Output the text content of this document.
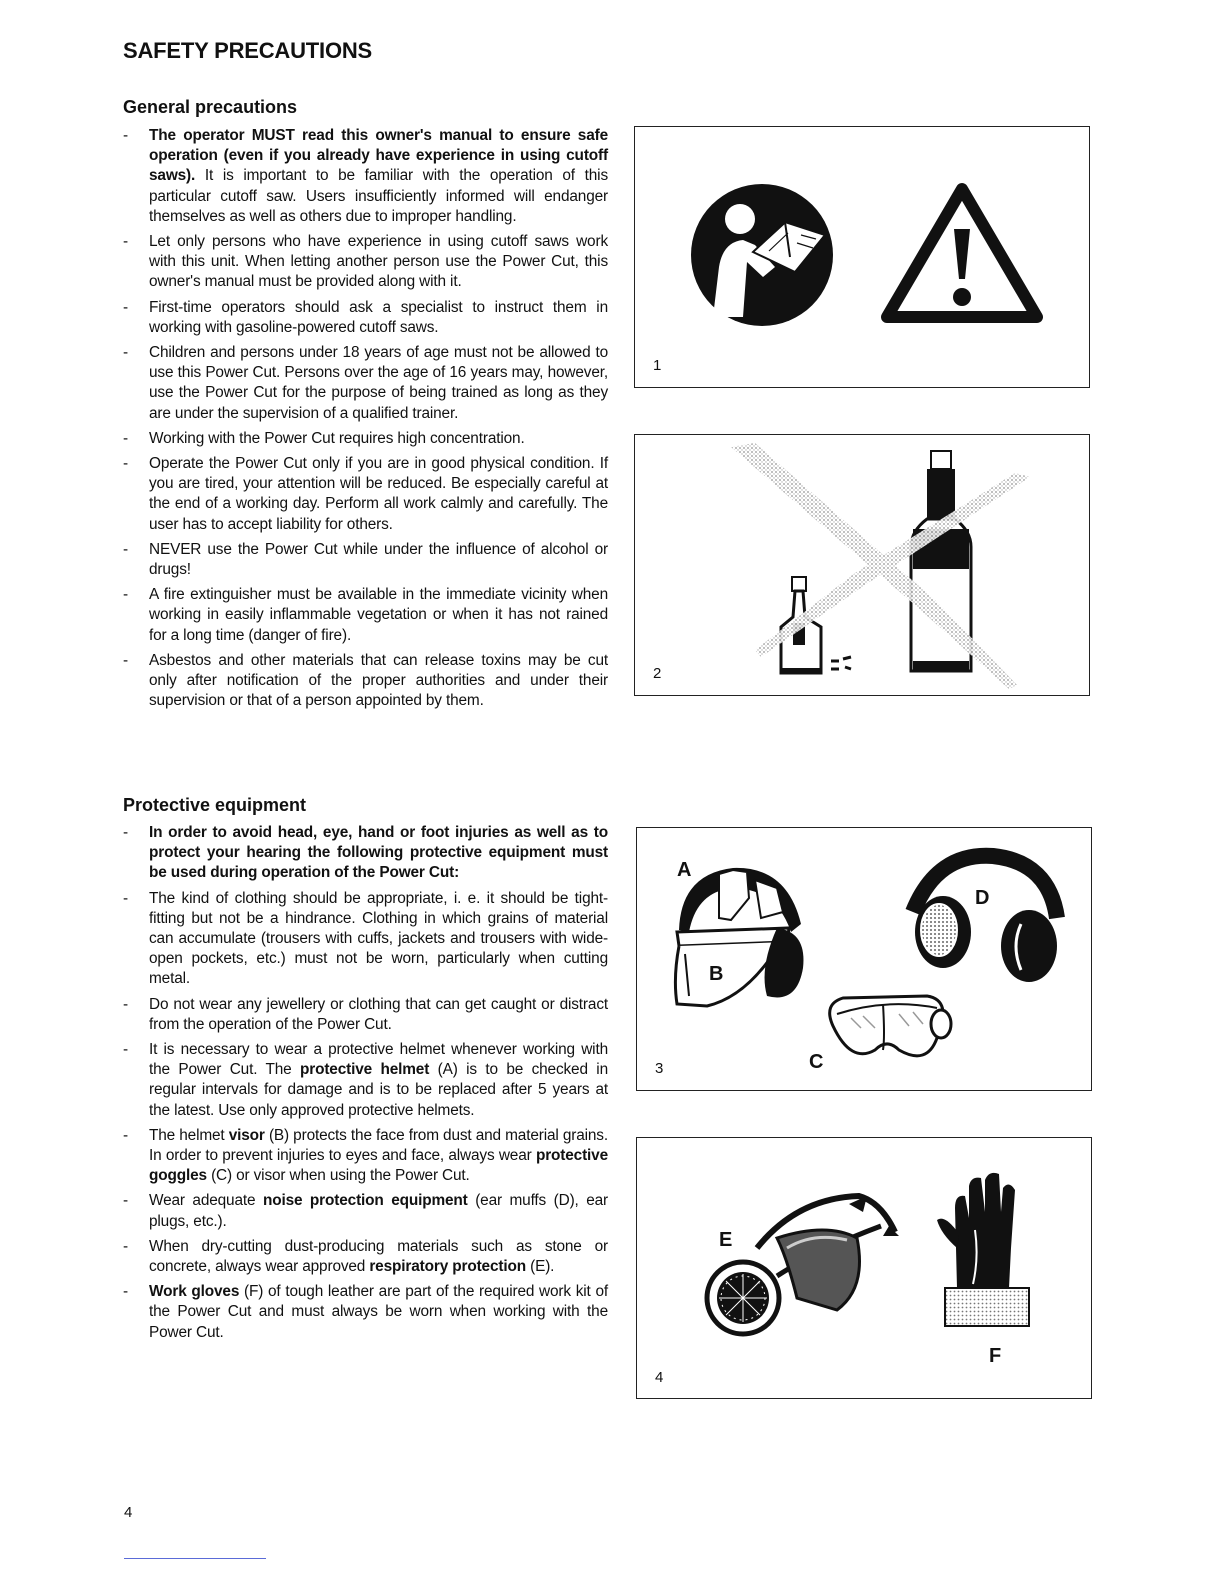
SAFETY PRECAUTIONS
General precautions
- The operator MUST read this owner's manual to ensure safe operation (even if you already have experience in using cutoff saws). It is important to be familiar with the operation of this particular cutoff saw. Users insufficiently informed will endanger themselves as well as others due to improper handling.
- Let only persons who have experience in using cutoff saws work with this unit. When letting another person use the Power Cut, this owner's manual must be provided along with it.
- First-time operators should ask a specialist to instruct them in working with gasoline-powered cutoff saws.
- Children and persons under 18 years of age must not be allowed to use this Power Cut. Persons over the age of 16 years may, however, use the Power Cut for the purpose of being trained as long as they are under the supervision of a qualified trainer.
- Working with the Power Cut requires high concentration.
- Operate the Power Cut only if you are in good physical condition. If you are tired, your attention will be reduced. Be especially careful at the end of a working day. Perform all work calmly and carefully. The user has to accept liability for others.
- NEVER use the Power Cut while under the influence of alcohol or drugs!
- A fire extinguisher must be available in the immediate vicinity when working in easily inflammable vegetation or when it has not rained for a long time (danger of fire).
- Asbestos and other materials that can release toxins may be cut only after notification of the proper authorities and under their supervision or that of a person appointed by them.
Protective equipment
- In order to avoid head, eye, hand or foot injuries as well as to protect your hearing the following protective equipment must be used during operation of the Power Cut:
- The kind of clothing should be appropriate, i. e. it should be tight-fitting but not be a hindrance. Clothing in which grains of material can accumulate (trousers with cuffs, jackets and trousers with wide-open pockets, etc.) must not be worn, particularly when cutting metal.
- Do not wear any jewellery or clothing that can get caught or distract from the operation of the Power Cut.
- It is necessary to wear a protective helmet whenever working with the Power Cut. The protective helmet (A) is to be checked in regular intervals for damage and is to be replaced after 5 years at the latest. Use only approved protective helmets.
- The helmet visor (B) protects the face from dust and material grains. In order to prevent injuries to eyes and face, always wear protective goggles (C) or visor when using the Power Cut.
- Wear adequate noise protection equipment (ear muffs (D), ear plugs, etc.).
- When dry-cutting dust-producing materials such as stone or concrete, always wear approved respiratory protection (E).
- Work gloves (F) of tough leather are part of the required work kit of the Power Cut and must always be worn when working with the Power Cut.
1
2
A
B
C
D
3
E
F
4
4
